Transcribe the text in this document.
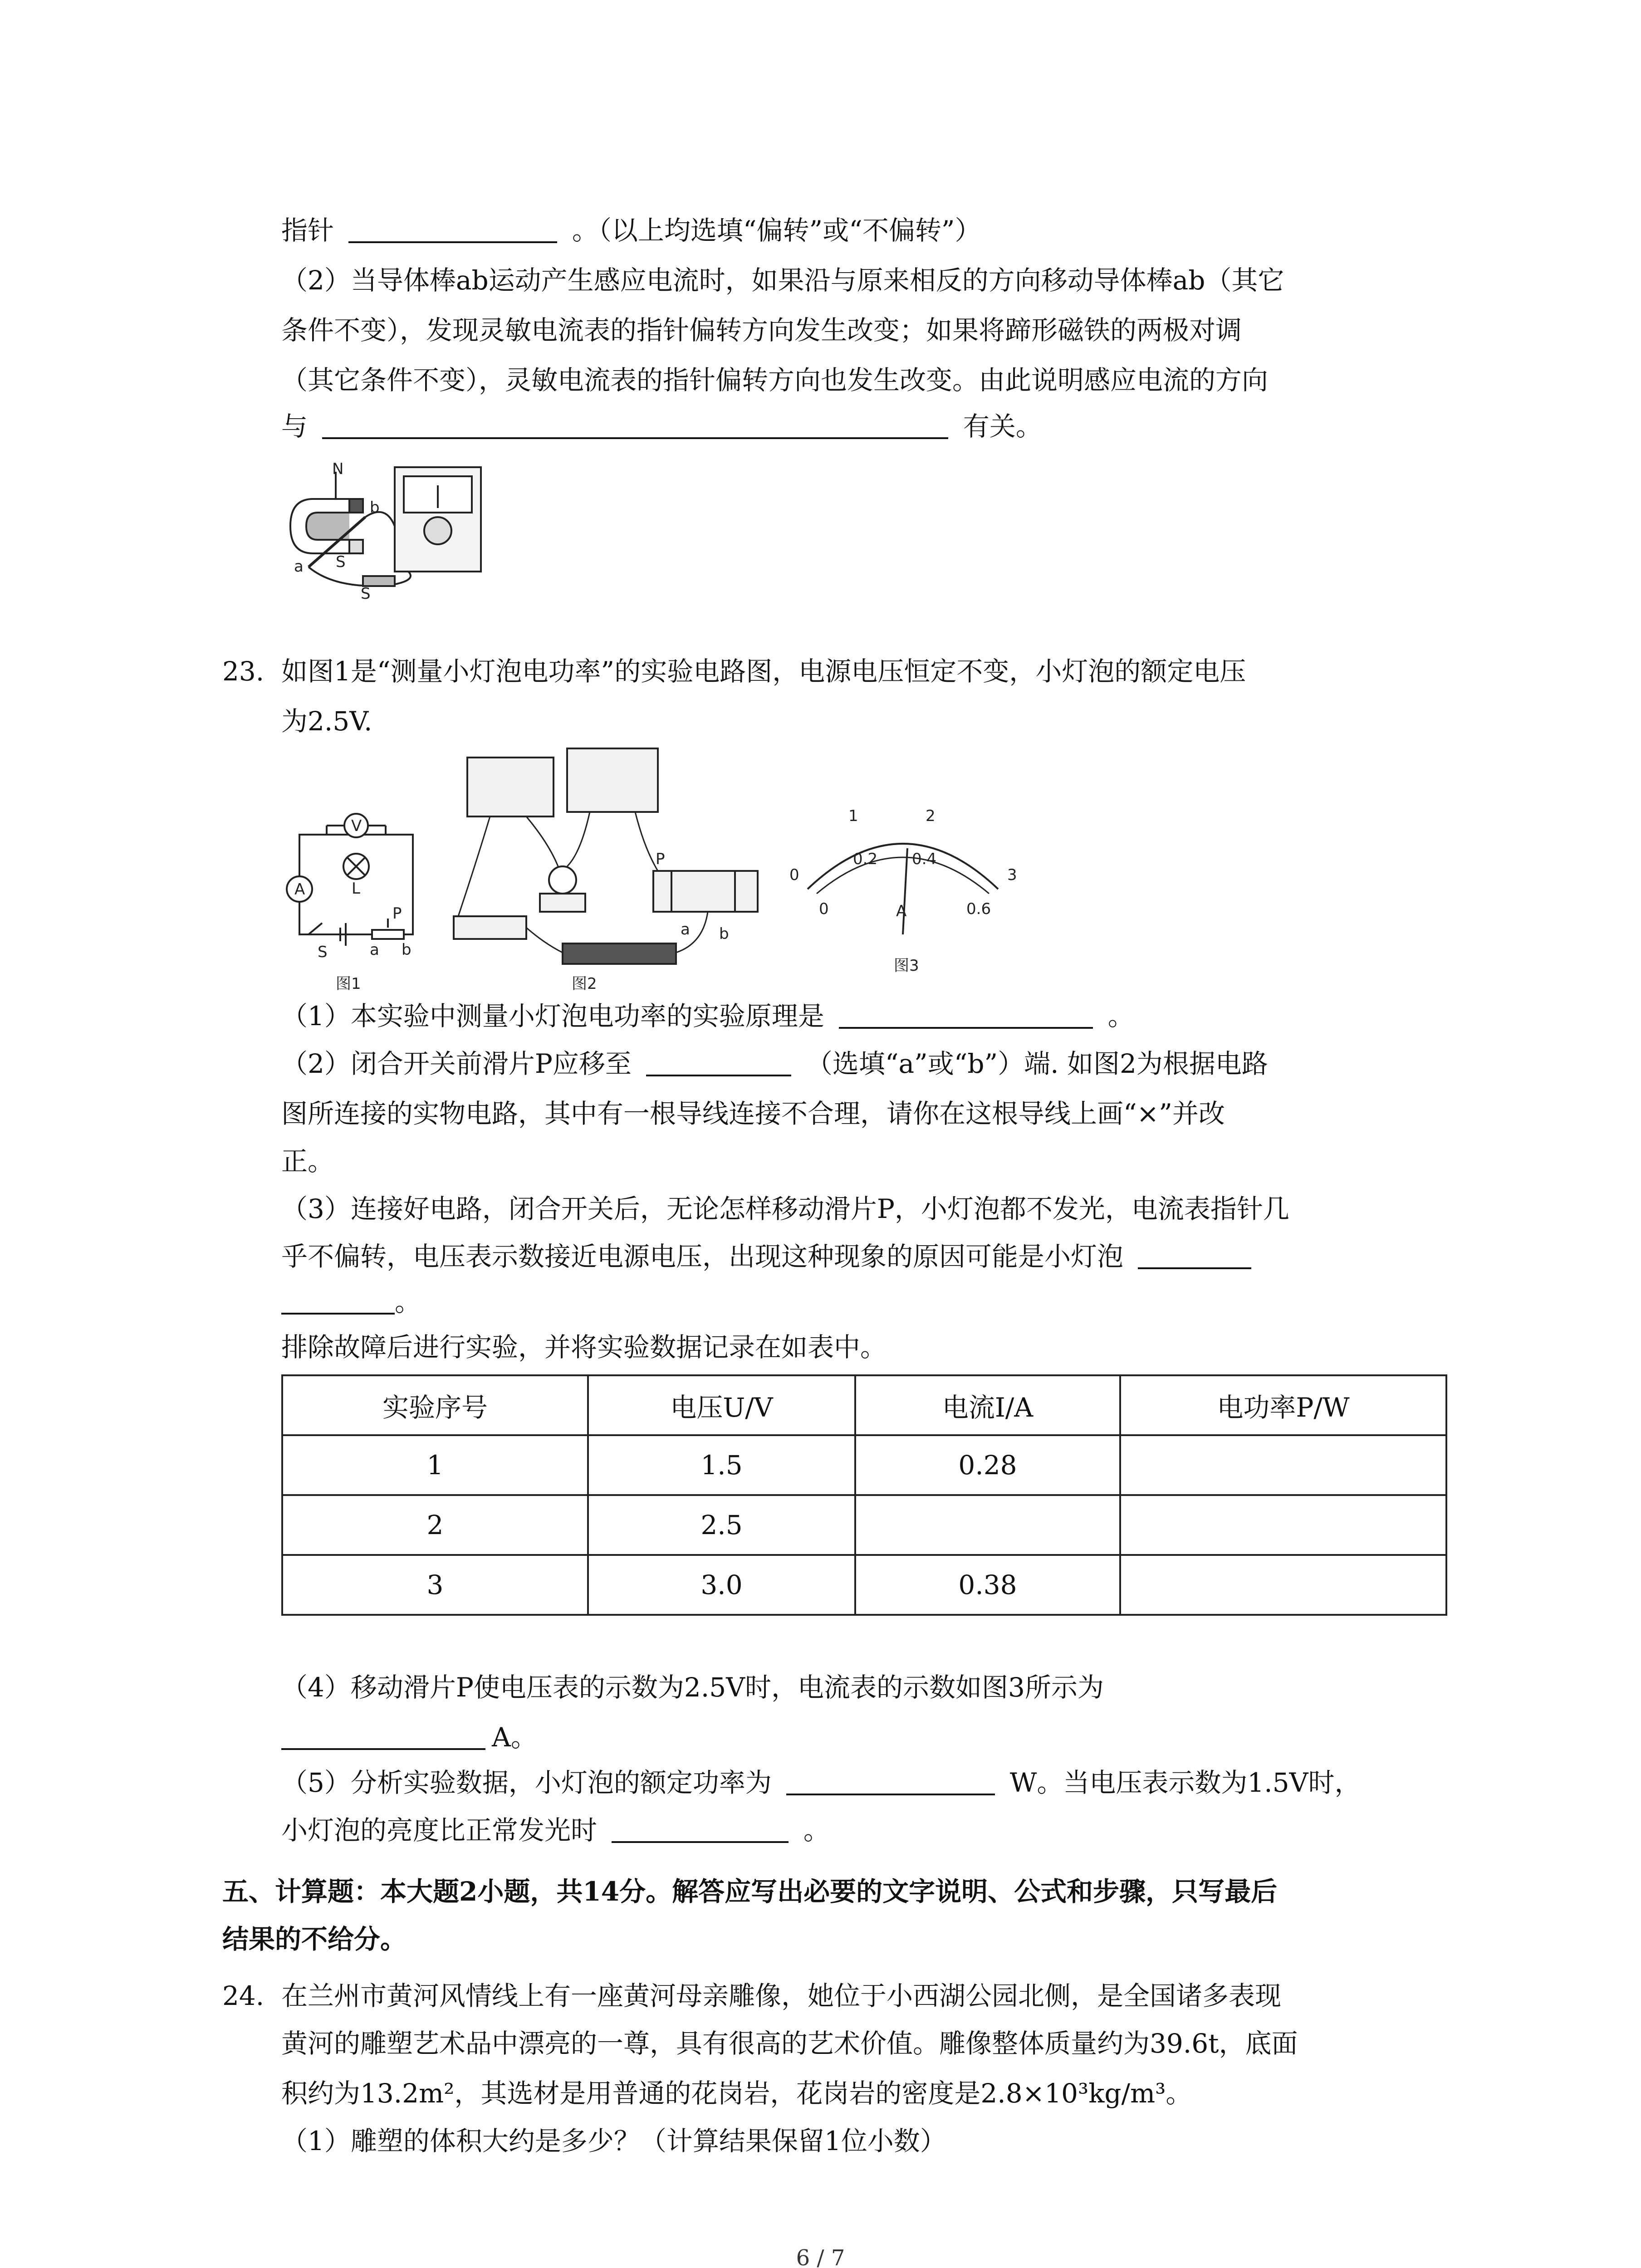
指针	。（以上均选填“偏转”或“不偏转”）
（2）当导体棒ab运动产生感应电流时，如果沿与原来相反的方向移动导体棒ab（其它
条件不变），发现灵敏电流表的指针偏转方向发生改变；如果将蹄形磁铁的两极对调
（其它条件不变），灵敏电流表的指针偏转方向也发生改变。由此说明感应电流的方向
与	有关。
N
b
a S
S
23. 如图1是“测量小灯泡电功率”的实验电路图，电源电压恒定不变，小灯泡的额定电压
为2.5V.
V
A	L
S
P
a b
图1
P
a b
图2
0
1	2
3
0
0.2 0.4
0.6
A
图3
（1）本实验中测量小灯泡电功率的实验原理是	。
（2）闭合开关前滑片P应移至	（选填“a”或“b”）端. 如图2为根据电路
图所连接的实物电路，其中有一根导线连接不合理，请你在这根导线上画“×”并改
正。
（3）连接好电路，闭合开关后，无论怎样移动滑片P，小灯泡都不发光，电流表指针几
乎不偏转，电压表示数接近电源电压，出现这种现象的原因可能是小灯泡
。
排除故障后进行实验，并将实验数据记录在如表中。
实验序号	电压U/V	电流I/A	电功率P/W
1	1.5	0.28	
2	2.5		
3	3.0	0.38	
（4）移动滑片P使电压表的示数为2.5V时，电流表的示数如图3所示为
A。
（5）分析实验数据，小灯泡的额定功率为	W。当电压表示数为1.5V时，
小灯泡的亮度比正常发光时	。
五、计算题：本大题2小题，共14分。解答应写出必要的文字说明、公式和步骤，只写最后
结果的不给分。
24. 在兰州市黄河风情线上有一座黄河母亲雕像，她位于小西湖公园北侧，是全国诸多表现
黄河的雕塑艺术品中漂亮的一尊，具有很高的艺术价值。雕像整体质量约为39.6t，底面
积约为13.2m²，其选材是用普通的花岗岩，花岗岩的密度是2.8×10³kg/m³。
（1）雕塑的体积大约是多少？（计算结果保留1位小数）
6 / 7
